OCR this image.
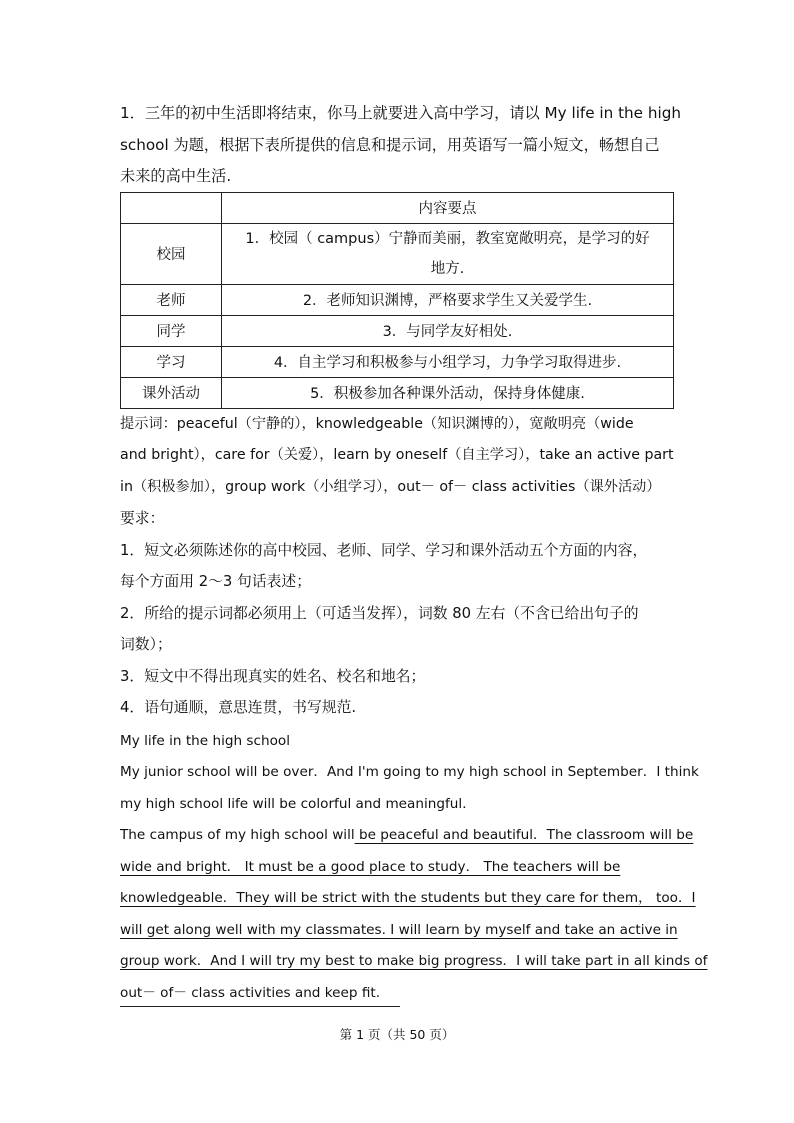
1．三年的初中生活即将结束，你马上就要进入高中学习，请以 My life in the high
school 为题，根据下表所提供的信息和提示词，用英语写一篇小短文，畅想自己
未来的高中生活.
	内容要点
校园	1．校园（ campus）宁静而美丽，教室宽敞明亮，是学习的好
地方.

老师	2．老师知识渊博，严格要求学生又关爱学生.
同学	3．与同学友好相处.
学习	4．自主学习和积极参与小组学习，力争学习取得进步.
课外活动	5．积极参加各种课外活动，保持身体健康.
提示词：peaceful（宁静的），knowledgeable（知识渊博的），宽敞明亮（wide
and bright），care for（关爱），learn by oneself（自主学习），take an active part
in（积极参加），group work（小组学习），out－ of－ class activities（课外活动）
要求：
1．短文必须陈述你的高中校园、老师、同学、学习和课外活动五个方面的内容，
每个方面用 2～3 句话表述；
2．所给的提示词都必须用上（可适当发挥），词数 80 左右（不含已给出句子的
词数）；
3．短文中不得出现真实的姓名、校名和地名；
4．语句通顺，意思连贯，书写规范.
My life in the high school
My junior school will be over．And I'm going to my high school in September．I think
my high school life will be colorful and meaningful．
The campus of my high school will be peaceful and beautiful．The classroom will be
wide and bright． It must be a good place to study． The teachers will be
knowledgeable．They will be strict with the students but they care for them， too．I
will get along well with my classmates. I will learn by myself and take an active in
group work．And I will try my best to make big progress．I will take part in all kinds of
out－ of－ class activities and keep fit.
第 1 页（共 50 页）
